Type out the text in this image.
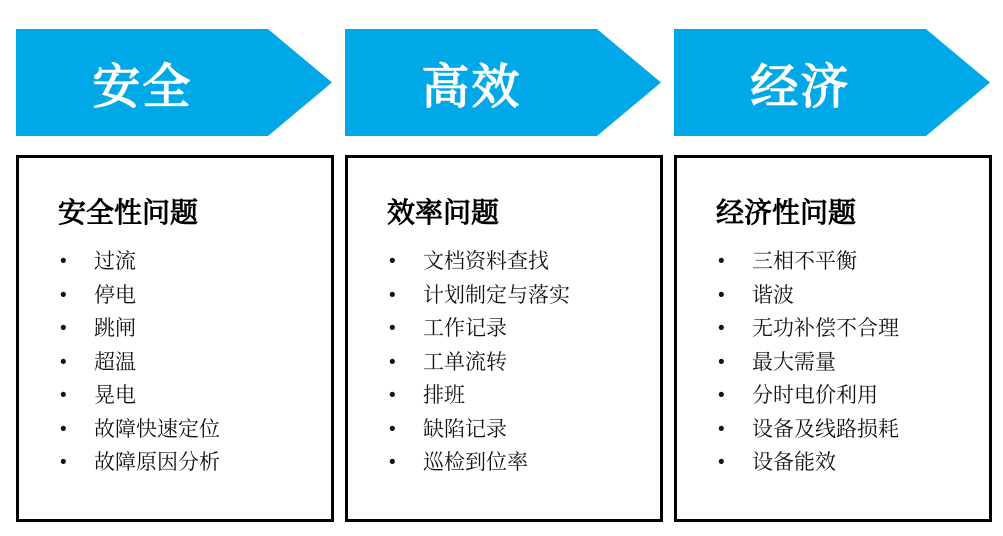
安全
安全性问题
• 过流
• 停电
• 跳闸
• 超温
• 晃电
• 故障快速定位
• 故障原因分析
高效
效率问题
• 文档资料查找
• 计划制定与落实
• 工作记录
• 工单流转
• 排班
• 缺陷记录
• 巡检到位率
经济
经济性问题
• 三相不平衡
• 谐波
• 无功补偿不合理
• 最大需量
• 分时电价利用
• 设备及线路损耗
• 设备能效
